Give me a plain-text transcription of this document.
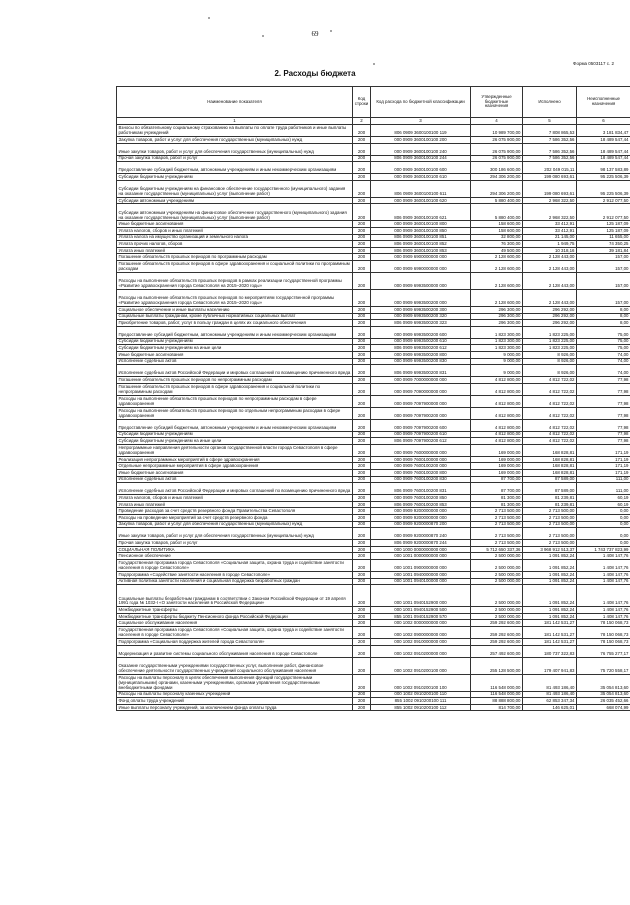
69
Форма 0503117 с. 2
2. Расходы бюджета
Наименование показателя	Код строки	Код расхода по бюджетной классификации	Утвержденные бюджетные назначения	Исполнено	Неисполненные назначения
1	2	3	4	5	6
Взносы по обязательному социальному страхованию на выплаты по оплате труда работников и иные выплаты работникам учреждений	200	806 0909 3600100100 119	10 989 700,00	7 808 865,53	3 181 834,47
Закупка товаров, работ и услуг для обеспечения государственных (муниципальных) нужд	200	000 0909 3600100100 200	26 075 900,00	7 586 352,56	18 489 547,44
Иные закупки товаров, работ и услуг для обеспечения государственных (муниципальных) нужд	200	000 0909 3600100100 240	26 075 900,00	7 586 352,56	18 489 547,44
Прочая закупка товаров, работ и услуг	200	806 0909 3600100100 244	26 075 900,00	7 586 352,56	18 489 547,44
Предоставление субсидий бюджетным, автономным учреждениям и иным некоммерческим организациям	200	000 0909 3600100100 600	300 186 600,00	202 049 015,11	98 137 583,89
Субсидии бюджетным учреждениям	200	000 0909 3600100100 610	294 306 200,00	199 080 693,61	95 225 506,39
Субсидии бюджетным учреждениям на финансовое обеспечение государственного (муниципального) задания на оказание государственных (муниципальных) услуг (выполнение работ)	200	806 0909 3600100100 611	294 306 200,00	199 080 693,61	95 225 506,39
Субсидии автономным учреждениям	200	000 0909 3600100100 620	5 880 400,00	2 968 322,50	2 912 077,50
Субсидии автономным учреждениям на финансовое обеспечение государственного (муниципального) задания на оказание государственных (муниципальных) услуг (выполнение работ)	200	806 0909 3600100100 621	5 880 400,00	2 968 322,50	2 912 077,50
Иные бюджетные ассигнования	200	000 0909 3600100100 800	158 600,00	33 412,91	125 187,09
Уплата налогов, сборов и иных платежей	200	000 0909 3600100100 850	158 600,00	33 412,91	125 187,09
Уплата налога на имущество организаций и земельного налога	200	806 0909 3600100100 851	32 800,00	21 145,00	11 655,00
Уплата прочих налогов, сборов	200	806 0909 3600100100 852	76 300,00	1 949,75	74 350,25
Уплата иных платежей	200	806 0909 3600100100 853	49 500,00	10 318,16	39 181,84
Погашение обязательств прошлых периодов по программным расходам	200	000 0909 6900000000 000	2 128 600,00	2 128 443,00	157,00
Погашение обязательств прошлых периодов в сфере здравоохранения и социальной политики по программным расходам	200	000 0909 6990000000 000	2 128 600,00	2 128 443,00	157,00
Расходы на выполнение обязательств прошлых периодов в рамках реализации государственной программы «Развитие здравоохранения города Севастополя на 2015–2020 годы»	200	000 0909 6993500000 000	2 128 600,00	2 128 443,00	157,00
Расходы на выполнение обязательств прошлых периодов по мероприятиям государственной программы «Развитие здравоохранения города Севастополя на 2015–2020 годы»	200	000 0909 6993500200 000	2 128 600,00	2 128 443,00	157,00
Социальное обеспечение и иные выплаты населению	200	000 0909 6993500200 300	296 300,00	296 292,00	8,00
Социальные выплаты гражданам, кроме публичных нормативных социальных выплат	200	000 0909 6993500200 320	296 300,00	296 292,00	8,00
Приобретение товаров, работ, услуг в пользу граждан в целях их социального обеспечения	200	806 0909 6993500200 323	296 300,00	296 292,00	8,00
Предоставление субсидий бюджетным, автономным учреждениям и иным некоммерческим организациям	200	000 0909 6993500200 600	1 823 300,00	1 823 225,00	75,00
Субсидии бюджетным учреждениям	200	000 0909 6993500200 610	1 823 300,00	1 823 225,00	75,00
Субсидии бюджетным учреждениям на иные цели	200	806 0909 6993500200 612	1 823 300,00	1 823 225,00	75,00
Иные бюджетные ассигнования	200	000 0909 6993500200 800	9 000,00	8 926,00	74,00
Исполнение судебных актов	200	000 0909 6993500200 830	9 000,00	8 926,00	74,00
Исполнение судебных актов Российской Федерации и мировых соглашений по возмещению причиненного вреда	200	806 0909 6993500200 831	9 000,00	8 926,00	74,00
Погашение обязательств прошлых периодов по непрограммным расходам	200	000 0909 7000000000 000	4 812 800,00	4 812 722,02	77,98
Погашение обязательств прошлых периодов в сфере здравоохранения и социальной политики по непрограммным расходам	200	000 0909 7090000000 000	4 812 800,00	4 812 722,02	77,98
Расходы на выполнение обязательств прошлых периодов по непрограммным расходам в сфере здравоохранения	200	000 0909 7097900000 000	4 812 800,00	4 812 722,02	77,98
Расходы на выполнение обязательств прошлых периодов по отдельным непрограммным расходам в сфере здравоохранения	200	000 0909 7097900200 000	4 812 800,00	4 812 722,02	77,98
Предоставление субсидий бюджетным, автономным учреждениям и иным некоммерческим организациям	200	000 0909 7097900200 600	4 812 800,00	4 812 722,02	77,98
Субсидии бюджетным учреждениям	200	000 0909 7097900200 610	4 812 800,00	4 812 722,02	77,98
Субсидии бюджетным учреждениям на иные цели	200	806 0909 7097900200 612	4 812 800,00	4 812 722,02	77,98
Непрограммные направления деятельности органов государственной власти города Севастополя в сфере здравоохранения	200	000 0909 7600000000 000	169 000,00	168 828,81	171,19
Реализация непрограммных мероприятий в сфере здравоохранения	200	000 0909 7600100000 000	169 000,00	168 828,81	171,19
Отдельные непрограммные мероприятия в сфере здравоохранения	200	000 0909 7600100200 000	169 000,00	168 828,81	171,19
Иные бюджетные ассигнования	200	000 0909 7600100200 800	169 000,00	168 828,81	171,19
Исполнение судебных актов	200	000 0909 7600100200 830	87 700,00	87 589,00	111,00
Исполнение судебных актов Российской Федерации и мировых соглашений по возмещению причиненного вреда	200	806 0909 7600100200 831	87 700,00	87 589,00	111,00
Уплата налогов, сборов и иных платежей	200	000 0909 7600100200 850	81 300,00	81 239,81	60,19
Уплата иных платежей	200	806 0909 7600100200 853	81 300,00	81 239,81	60,19
Проведение расходов за счет средств резервного фонда Правительства Севастополя	200	000 0909 9200000000 000	2 713 500,00	2 713 500,00	0,00
Расходы на проведение мероприятий за счет средств резервного фонда	200	000 0909 9200000000 000	2 713 500,00	2 713 500,00	0,00
Закупка товаров, работ и услуг для обеспечения государственных (муниципальных) нужд	200	000 0909 9200000870 200	2 713 500,00	2 713 500,00	0,00
Иные закупки товаров, работ и услуг для обеспечения государственных (муниципальных) нужд	200	000 0909 9200000870 240	2 713 500,00	2 713 500,00	0,00
Прочая закупка товаров, работ и услуг	200	806 0909 9200000870 244	2 713 500,00	2 713 500,00	0,00
СОЦИАЛЬНАЯ ПОЛИТИКА	200	000 1000 0000000000 000	5 712 650 337,36	3 968 912 513,37	1 743 737 823,99
Пенсионное обеспечение	200	000 1001 0000000000 000	2 500 000,00	1 091 852,24	1 408 147,76
Государственная программа города Севастополя «Социальная защита, охрана труда и содействие занятости населения в городе Севастополе»	200	000 1001 0900000000 000	2 500 000,00	1 091 852,24	1 408 147,76
Подпрограмма «Содействие занятости населения в городе Севастополе»	200	000 1001 0940000000 000	2 500 000,00	1 091 852,24	1 408 147,76
Активная политика занятости населения и социальная поддержка безработных граждан	200	000 1001 0940100000 000	2 500 000,00	1 091 852,24	1 408 147,76
Социальные выплаты безработным гражданам в соответствии с Законом Российской Федерации от 19 апреля 1991 года № 1032-I «О занятости населения в Российской Федерации»	200	000 1001 0940152900 000	2 500 000,00	1 091 852,24	1 408 147,76
Межбюджетные трансферты	200	000 1001 0940152900 500	2 500 000,00	1 091 852,24	1 408 147,76
Межбюджетные трансферты бюджету Пенсионного фонда Российской Федерации	200	855 1001 0940152900 570	2 500 000,00	1 091 852,24	1 408 147,76
Социальное обслуживание населения	200	000 1002 0000000000 000	259 292 600,00	181 142 531,27	78 150 068,73
Государственная программа города Севастополя «Социальная защита, охрана труда и содействие занятости населения в городе Севастополе»	200	000 1002 0900000000 000	259 292 600,00	181 142 531,27	78 150 068,73
Подпрограмма «Социальная поддержка жителей города Севастополя»	200	000 1002 0910000000 000	259 292 600,00	181 142 531,27	78 150 068,73
Модернизация и развитие системы социального обслуживания населения в городе Севастополе	200	000 1002 0910200000 000	257 492 600,00	180 737 322,83	76 755 277,17
Оказание государственными учреждениями государственных услуг, выполнение работ, финансовое обеспечение деятельности государственных учреждений социального обслуживания населения	200	000 1002 0910200100 000	255 128 500,00	179 407 941,83	75 720 558,17
Расходы на выплаты персоналу в целях обеспечения выполнения функций государственными (муниципальными) органами, казенными учреждениями, органами управления государственными внебюджетными фондами	200	000 1002 0910200100 100	116 548 000,00	81 493 186,40	35 054 813,60
Расходы на выплаты персоналу казенных учреждений	200	000 1002 0910200100 110	116 548 000,00	81 493 186,40	35 054 813,60
Фонд оплаты труда учреждений	200	855 1002 0910200100 111	88 888 800,00	62 853 347,34	26 035 452,66
Иные выплаты персоналу учреждений, за исключением фонда оплаты труда	200	855 1002 0910200100 112	814 700,00	146 625,01	668 074,99
